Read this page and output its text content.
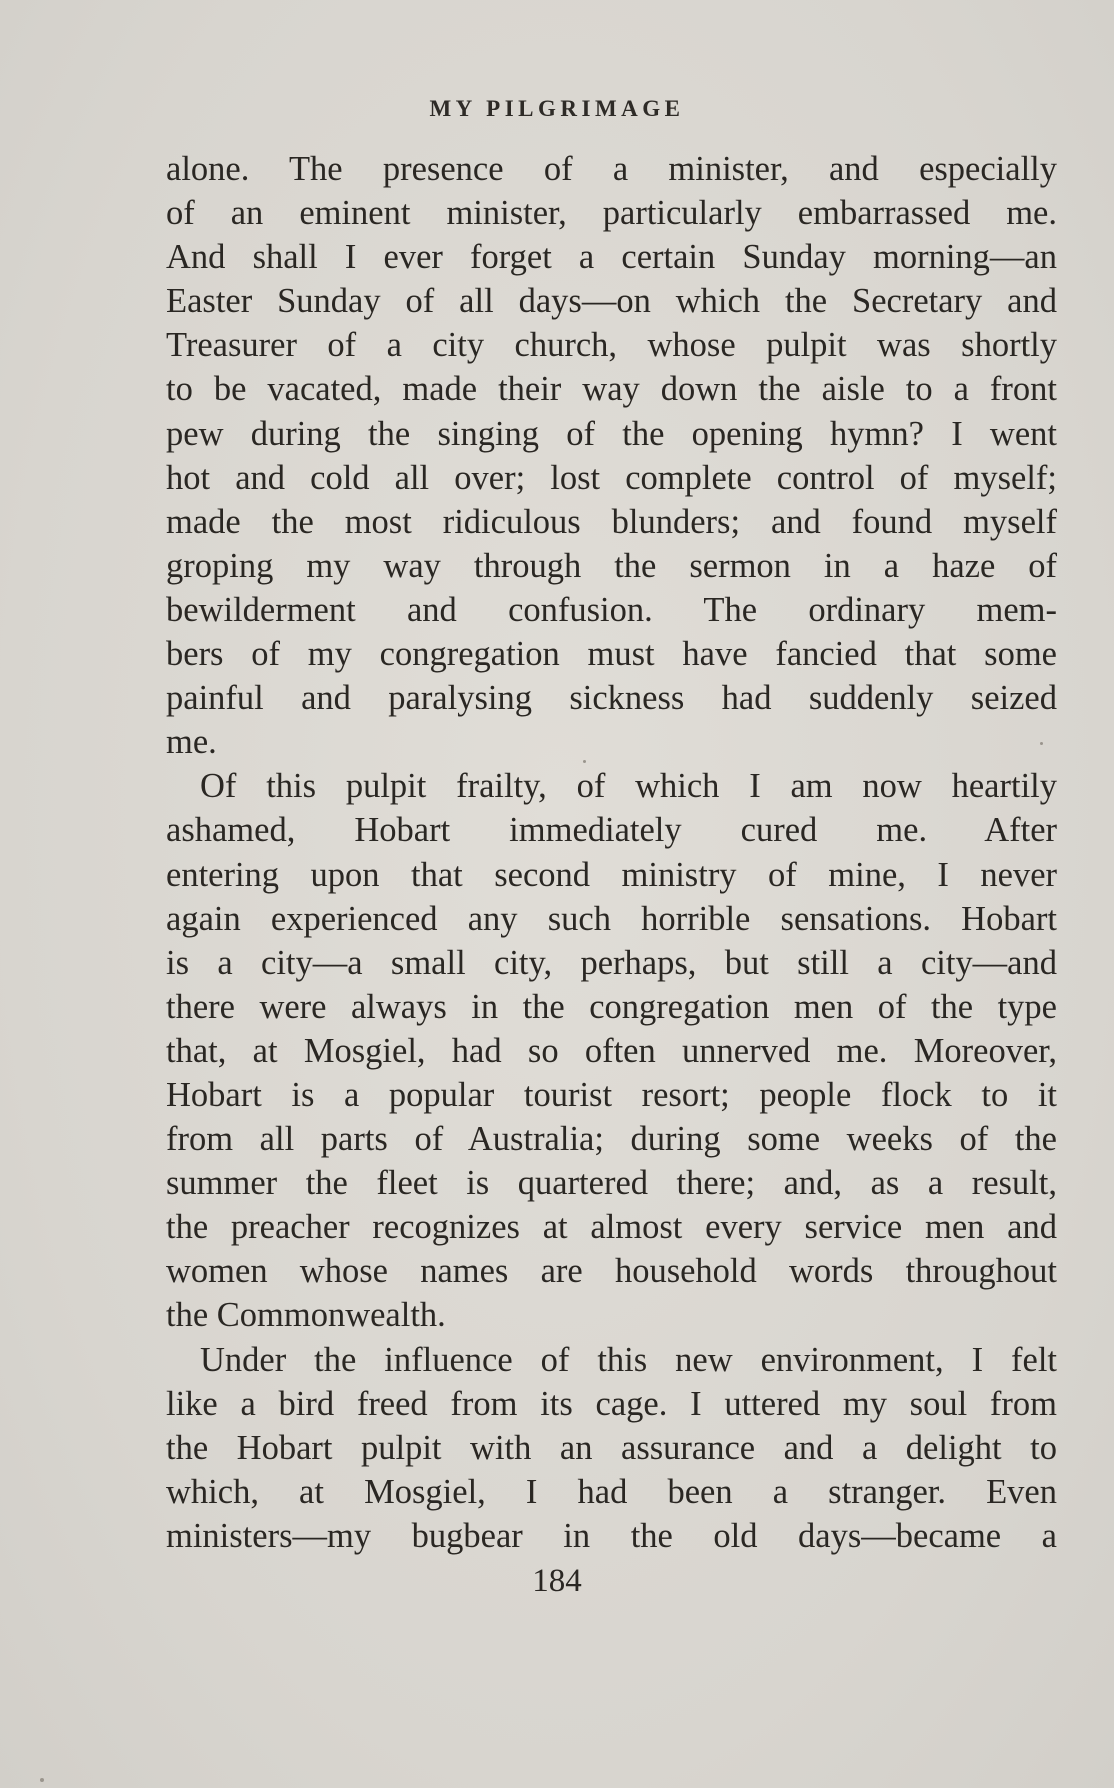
MY PILGRIMAGE
alone. The presence of a minister, and especially
of an eminent minister, particularly embarrassed me.
And shall I ever forget a certain Sunday morning—an
Easter Sunday of all days—on which the Secretary and
Treasurer of a city church, whose pulpit was shortly
to be vacated, made their way down the aisle to a front
pew during the singing of the opening hymn? I went
hot and cold all over; lost complete control of myself;
made the most ridiculous blunders; and found myself
groping my way through the sermon in a haze of
bewilderment and confusion. The ordinary mem-
bers of my congregation must have fancied that some
painful and paralysing sickness had suddenly seized
me.
Of this pulpit frailty, of which I am now heartily
ashamed, Hobart immediately cured me. After
entering upon that second ministry of mine, I never
again experienced any such horrible sensations. Hobart
is a city—a small city, perhaps, but still a city—and
there were always in the congregation men of the type
that, at Mosgiel, had so often unnerved me. Moreover,
Hobart is a popular tourist resort; people flock to it
from all parts of Australia; during some weeks of the
summer the fleet is quartered there; and, as a result,
the preacher recognizes at almost every service men and
women whose names are household words throughout
the Commonwealth.
Under the influence of this new environment, I felt
like a bird freed from its cage. I uttered my soul from
the Hobart pulpit with an assurance and a delight to
which, at Mosgiel, I had been a stranger. Even
ministers—my bugbear in the old days—became a
184
